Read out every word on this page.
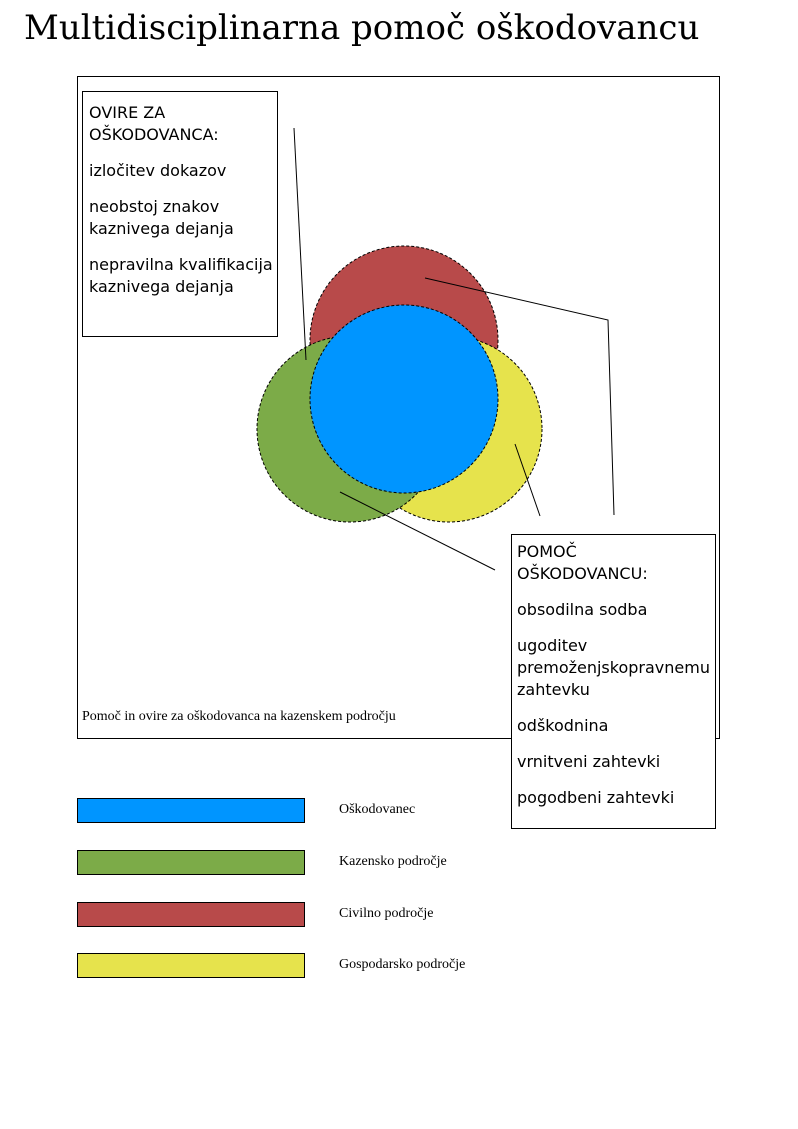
Multidisciplinarna pomoč oškodovancu

OVIRE ZA
OŠKODOVANCA:

izločitev dokazov

neobstoj znakov
kaznivega dejanja

nepravilna kvalifikacija
kaznivega dejanja

POMOČ OŠKODOVANCU:

obsodilna sodba

ugoditev
premoženjskopravnemu
zahtevku

odškodnina

vrnitveni zahtevki

pogodbeni zahtevki

Pomoč in ovire za oškodovanca na kazenskem področju
Oškodovanec
Kazensko področje
Civilno področje
Gospodarsko področje
